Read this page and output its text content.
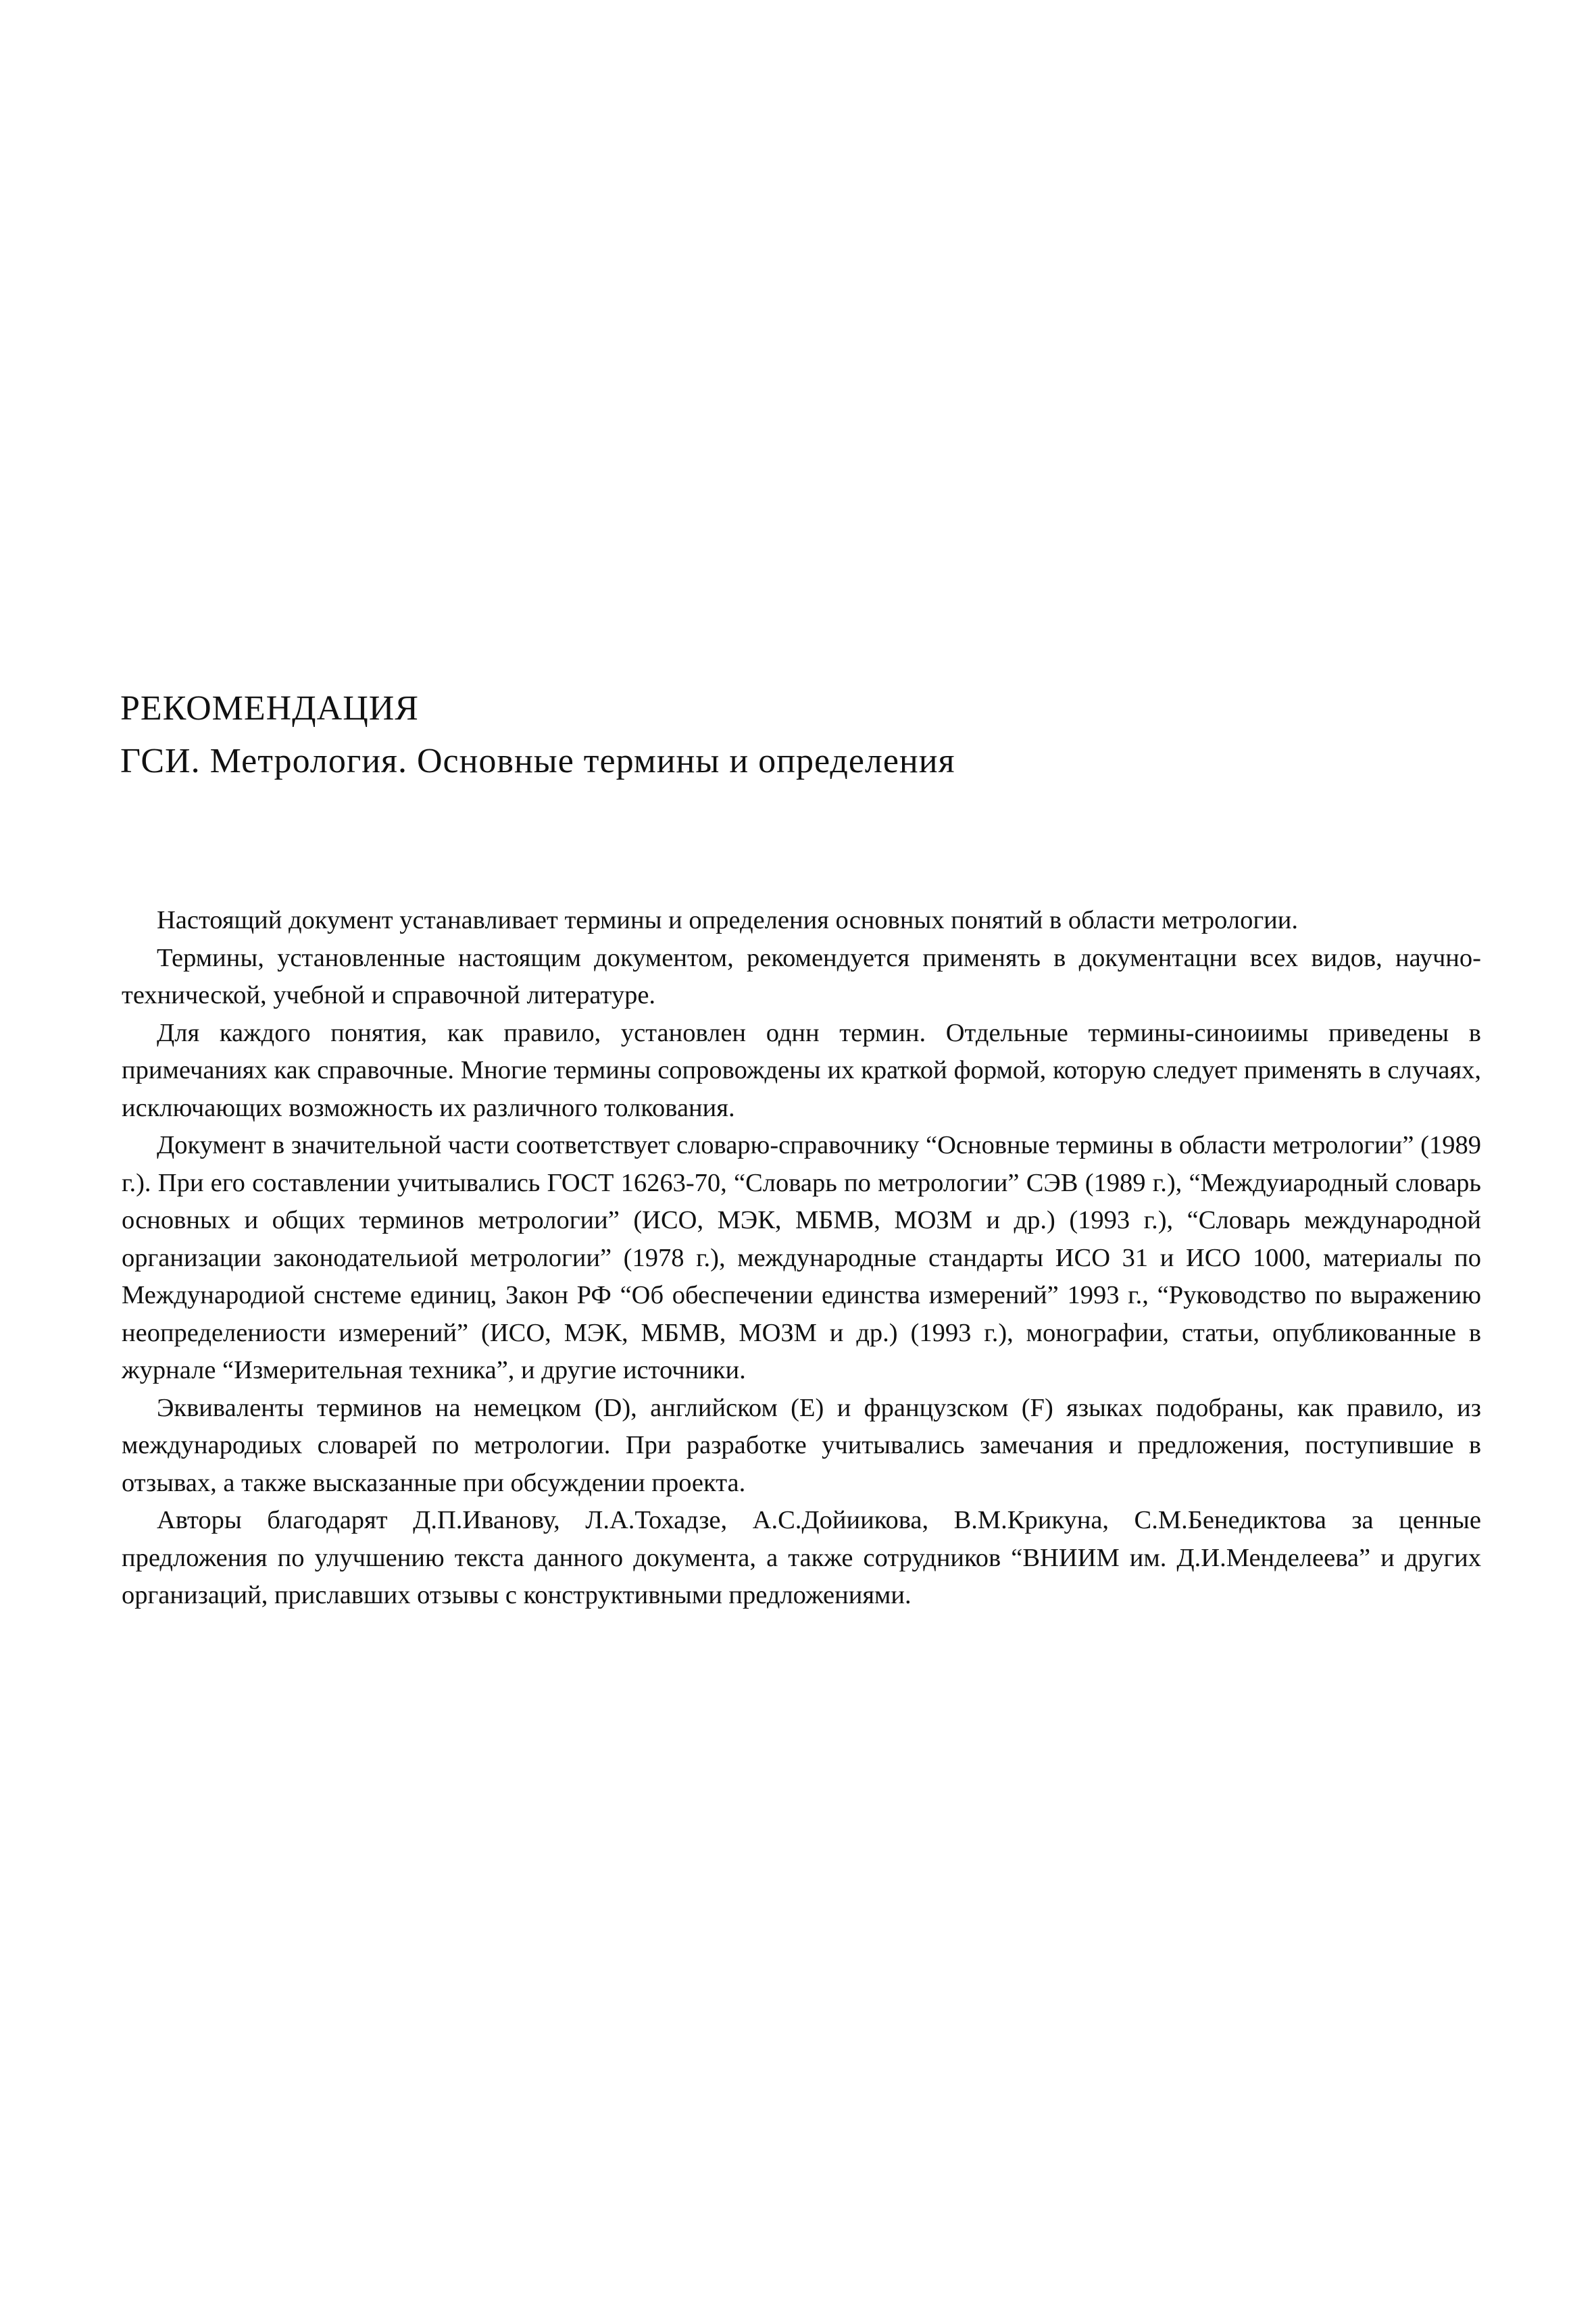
РЕКОМЕНДАЦИЯ
ГСИ. Метрология. Основные термины и определения

Настоящий документ устанавливает термины и определения основных понятий в области метрологии.

Термины, установленные настоящим документом, рекомендуется применять в документацни всех видов, научно-технической, учебной и справочной литературе.

Для каждого понятия, как правило, установлен однн термин. Отдельные термины-синоиимы приведены в примечаниях как справочные. Многие термины сопровождены их краткой формой, которую следует применять в случаях, исключающих возможность их различного толкования.

Документ в значительной части соответствует словарю-справочнику “Основные термины в области метрологии” (1989 г.). При его составлении учитывались ГОСТ 16263-70, “Словарь по метрологии” СЭВ (1989 г.), “Междуиародный словарь основных и общих терминов метрологии” (ИСО, МЭК, МБМВ, МОЗМ и др.) (1993 г.), “Словарь международной организации законодательиой метрологии” (1978 г.), международные стандарты ИСО 31 и ИСО 1000, материалы по Международиой снстеме единиц, Закон РФ “Об обеспечении единства измерений” 1993 г., “Руководство по выражению неопределениости измерений” (ИСО, МЭК, МБМВ, МОЗМ и др.) (1993 г.), монографии, статьи, опубликованные в журнале “Измерительная техника”, и другие источники.

Эквиваленты терминов на немецком (D), английском (E) и французском (F) языках подобраны, как правило, из международиых словарей по метрологии. При разработке учитывались замечания и предложения, поступившие в отзывах, а также высказанные при обсуждении проекта.

Авторы благодарят Д.П.Иванову, Л.А.Тохадзе, А.С.Дойиикова, В.М.Крикуна, С.М.Бенедиктова за ценные предложения по улучшению текста данного документа, а также сотрудников “ВНИИМ им. Д.И.Менделеева” и других организаций, приславших отзывы с конструктивными предложениями.
